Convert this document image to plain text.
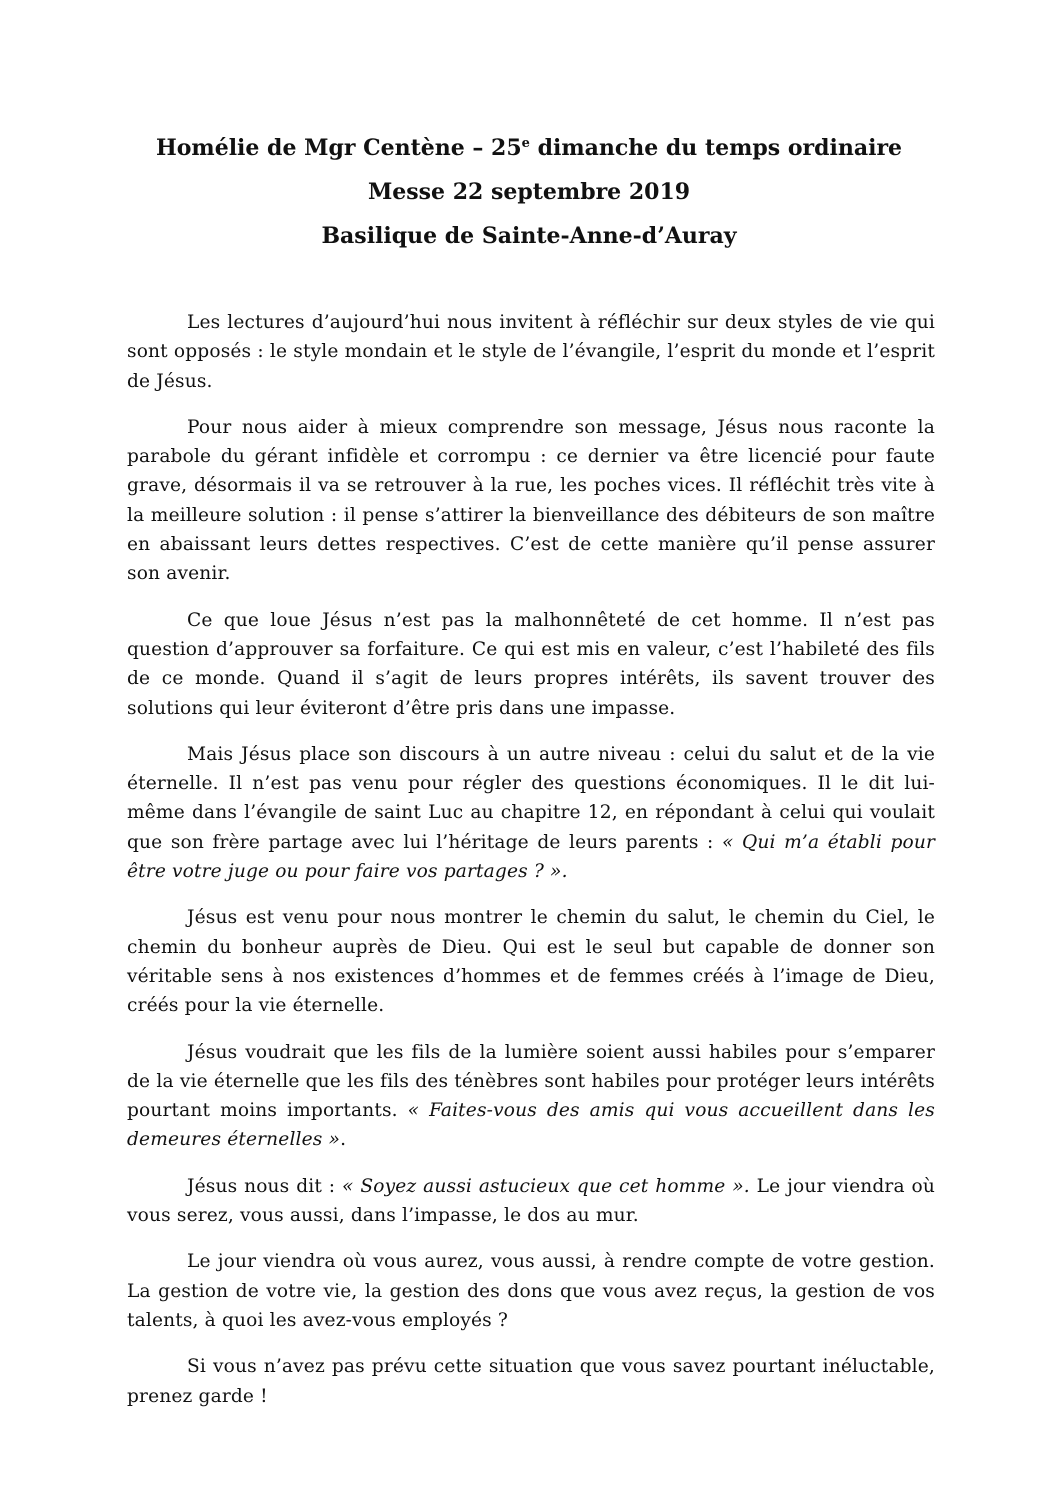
Homélie de Mgr Centène – 25e dimanche du temps ordinaire

Messe 22 septembre 2019

Basilique de Sainte-Anne-d’Auray

Les lectures d’aujourd’hui nous invitent à réfléchir sur deux styles de vie qui sont opposés : le style mondain et le style de l’évangile, l’esprit du monde et l’esprit de Jésus.

Pour nous aider à mieux comprendre son message, Jésus nous raconte la parabole du gérant infidèle et corrompu : ce dernier va être licencié pour faute grave, désormais il va se retrouver à la rue, les poches vices. Il réfléchit très vite à la meilleure solution : il pense s’attirer la bienveillance des débiteurs de son maître en abaissant leurs dettes respectives. C’est de cette manière qu’il pense assurer son avenir.

Ce que loue Jésus n’est pas la malhonnêteté de cet homme. Il n’est pas question d’approuver sa forfaiture. Ce qui est mis en valeur, c’est l’habileté des fils de ce monde. Quand il s’agit de leurs propres intérêts, ils savent trouver des solutions qui leur éviteront d’être pris dans une impasse.

Mais Jésus place son discours à un autre niveau : celui du salut et de la vie éternelle. Il n’est pas venu pour régler des questions économiques. Il le dit lui-même dans l’évangile de saint Luc au chapitre 12, en répondant à celui qui voulait que son frère partage avec lui l’héritage de leurs parents : « Qui m’a établi pour être votre juge ou pour faire vos partages ? ».

Jésus est venu pour nous montrer le chemin du salut, le chemin du Ciel, le chemin du bonheur auprès de Dieu. Qui est le seul but capable de donner son véritable sens à nos existences d’hommes et de femmes créés à l’image de Dieu, créés pour la vie éternelle.

Jésus voudrait que les fils de la lumière soient aussi habiles pour s’emparer de la vie éternelle que les fils des ténèbres sont habiles pour protéger leurs intérêts pourtant moins importants. « Faites-vous des amis qui vous accueillent dans les demeures éternelles ».

Jésus nous dit : « Soyez aussi astucieux que cet homme ». Le jour viendra où vous serez, vous aussi, dans l’impasse, le dos au mur.

Le jour viendra où vous aurez, vous aussi, à rendre compte de votre gestion. La gestion de votre vie, la gestion des dons que vous avez reçus, la gestion de vos talents, à quoi les avez-vous employés ?

Si vous n’avez pas prévu cette situation que vous savez pourtant inéluctable, prenez garde !
